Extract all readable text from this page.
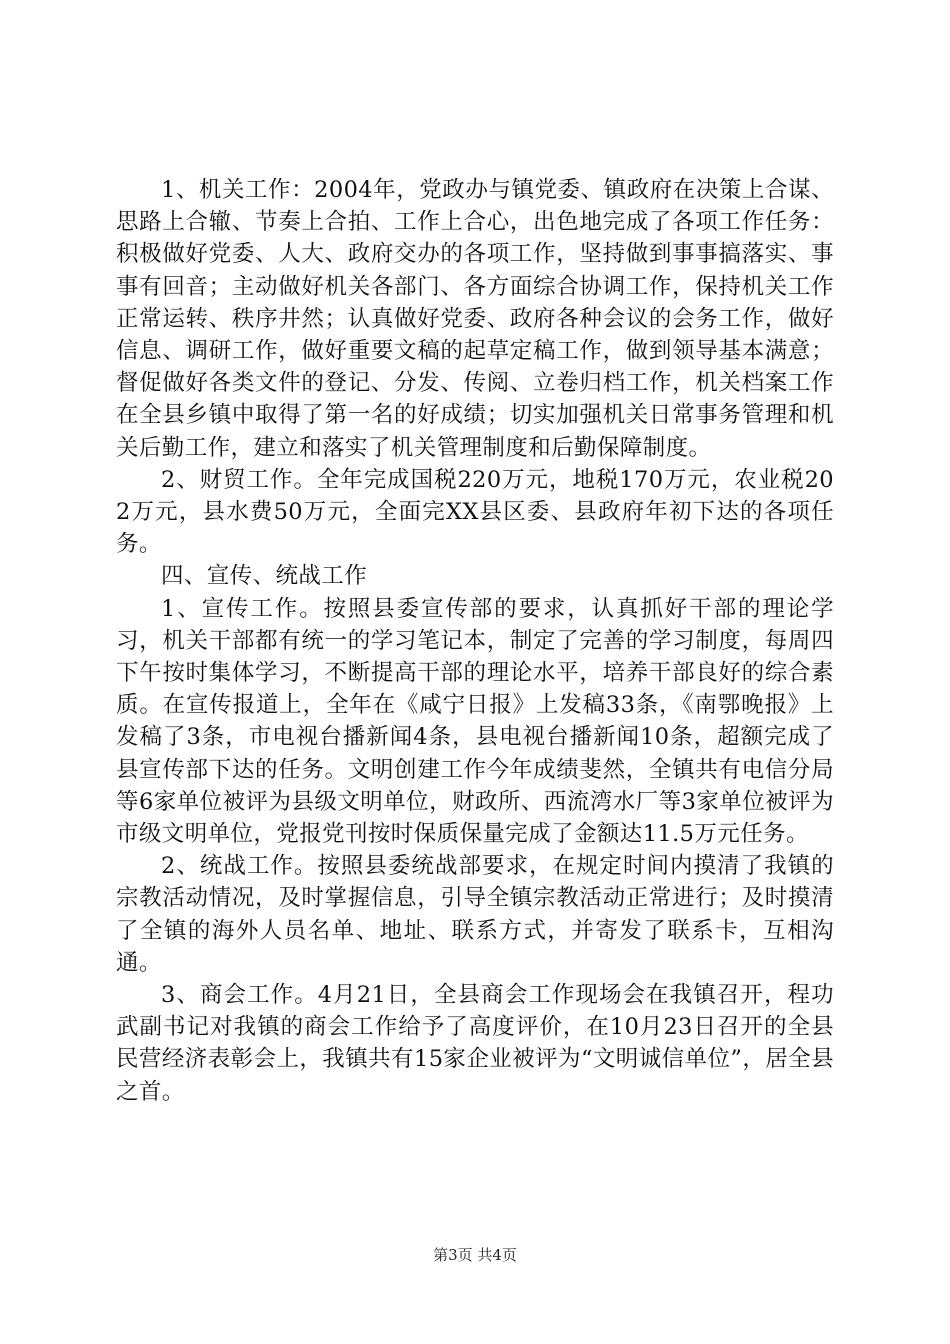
1、机关工作：2004年，党政办与镇党委、镇政府在决策上合谋、思路上合辙、节奏上合拍、工作上合心，出色地完成了各项工作任务：积极做好党委、人大、政府交办的各项工作，坚持做到事事搞落实、事事有回音；主动做好机关各部门、各方面综合协调工作，保持机关工作正常运转、秩序井然；认真做好党委、政府各种会议的会务工作，做好信息、调研工作，做好重要文稿的起草定稿工作，做到领导基本满意；督促做好各类文件的登记、分发、传阅、立卷归档工作，机关档案工作在全县乡镇中取得了第一名的好成绩；切实加强机关日常事务管理和机关后勤工作，建立和落实了机关管理制度和后勤保障制度。

2、财贸工作。全年完成国税220万元，地税170万元，农业税202万元，县水费50万元，全面完XX县区委、县政府年初下达的各项任务。

四、宣传、统战工作

1、宣传工作。按照县委宣传部的要求，认真抓好干部的理论学习，机关干部都有统一的学习笔记本，制定了完善的学习制度，每周四下午按时集体学习，不断提高干部的理论水平，培养干部良好的综合素质。在宣传报道上，全年在《咸宁日报》上发稿33条，《南鄂晚报》上发稿了3条，市电视台播新闻4条，县电视台播新闻10条，超额完成了县宣传部下达的任务。文明创建工作今年成绩斐然，全镇共有电信分局等6家单位被评为县级文明单位，财政所、西流湾水厂等3家单位被评为市级文明单位，党报党刊按时保质保量完成了金额达11.5万元任务。

2、统战工作。按照县委统战部要求，在规定时间内摸清了我镇的宗教活动情况，及时掌握信息，引导全镇宗教活动正常进行；及时摸清了全镇的海外人员名单、地址、联系方式，并寄发了联系卡，互相沟通。

3、商会工作。4月21日，全县商会工作现场会在我镇召开，程功武副书记对我镇的商会工作给予了高度评价，在10月23日召开的全县民营经济表彰会上，我镇共有15家企业被评为“文明诚信单位”，居全县之首。

第3页 共4页
